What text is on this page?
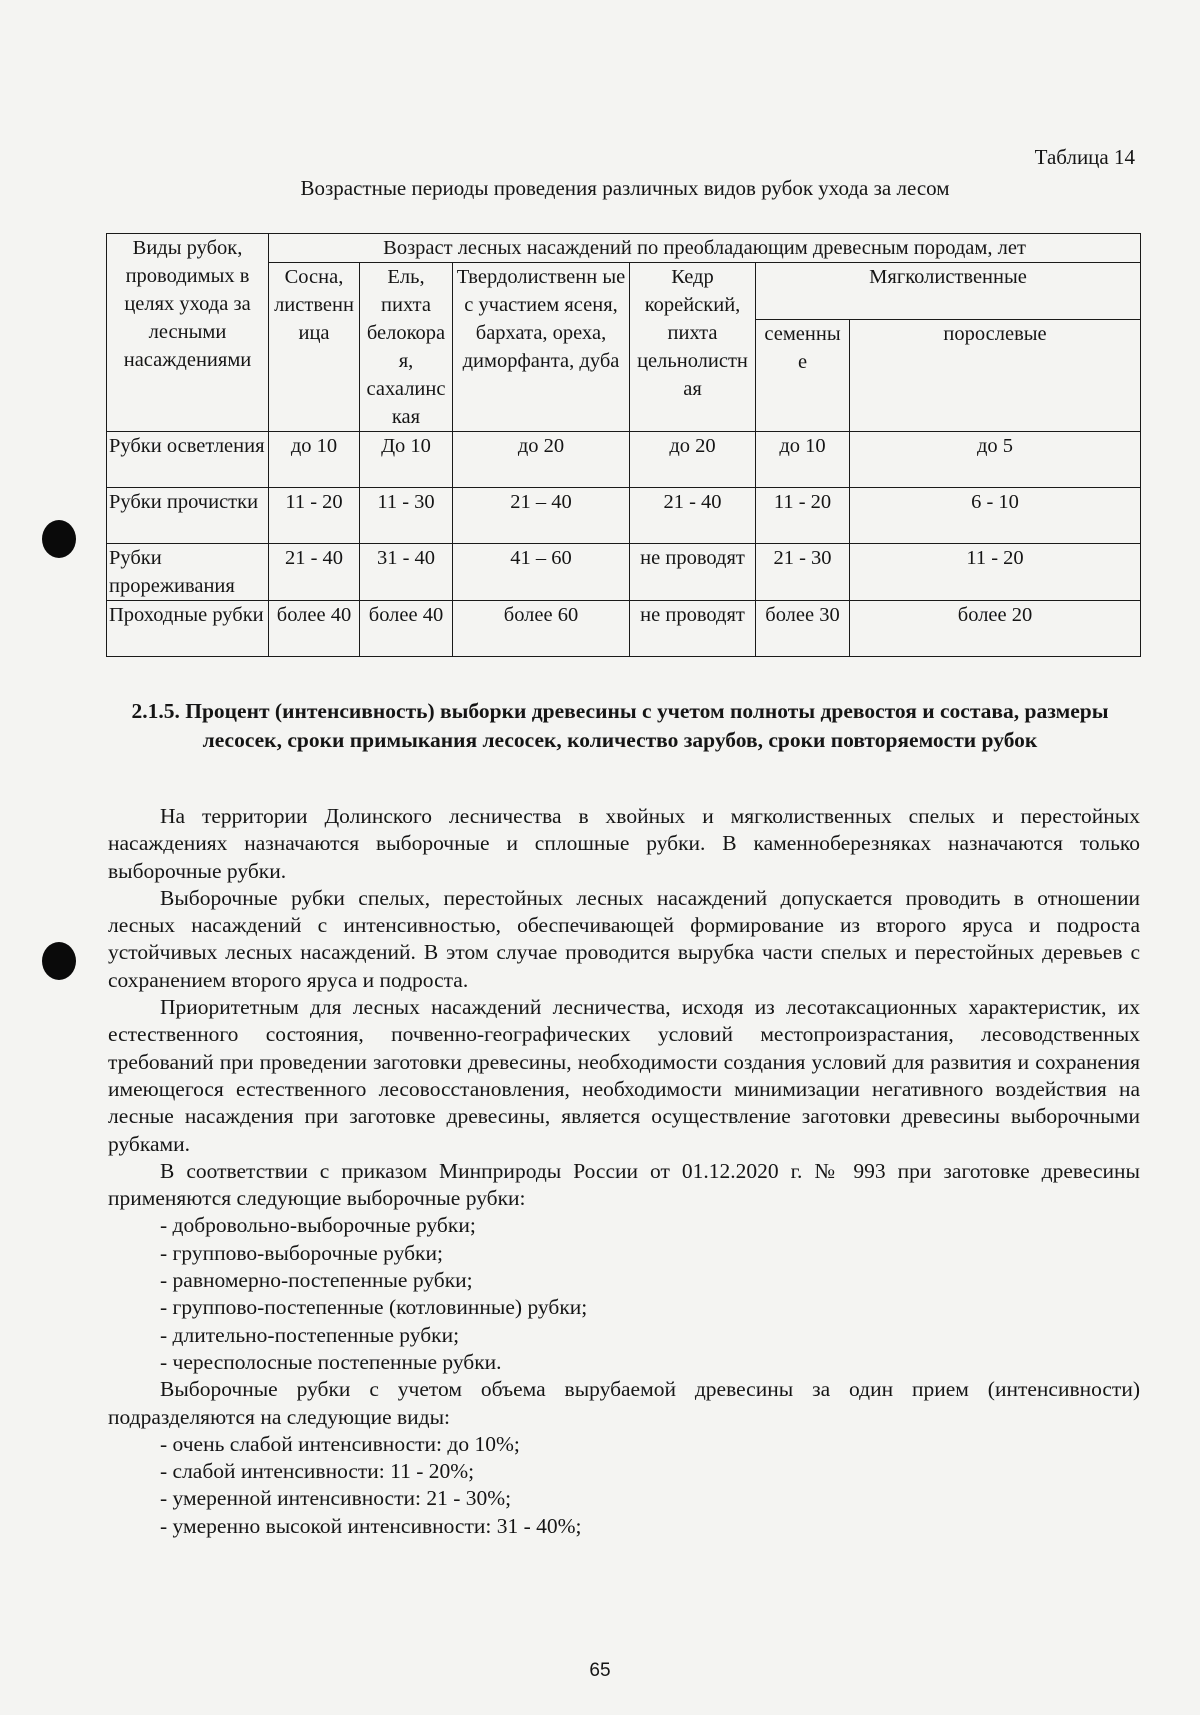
Таблица 14
Возрастные периоды проведения различных видов рубок ухода за лесом
Виды рубок, проводимых в целях ухода за лесными насаждениями	Возраст лесных насаждений по преобладающим древесным породам, лет					
	Сосна, лиственн ица	Ель, пихта белокора я, сахалинс кая	Твердолиственн ые с участием ясеня, бархата, ореха, диморфанта, дуба	Кедр корейский, пихта цельнолистн ая	Мягколиственные	
					семенны е	порослевые
Рубки осветления	до 10	До 10	до 20	до 20	до 10	до 5
Рубки прочистки	11 - 20	11 - 30	21 – 40	21 - 40	11 - 20	6 - 10
Рубки прореживания	21 - 40	31 - 40	41 – 60	не проводят	21 - 30	11 - 20
Проходные рубки	более 40	более 40	более 60	не проводят	более 30	более 20
2.1.5. Процент (интенсивность) выборки древесины с учетом полноты древостоя и состава, размеры лесосек, сроки примыкания лесосек, количество зарубов, сроки повторяемости рубок

На территории Долинского лесничества в хвойных и мягколиственных спелых и перестойных насаждениях назначаются выборочные и сплошные рубки. В каменноберезняках назначаются только выборочные рубки.

Выборочные рубки спелых, перестойных лесных насаждений допускается проводить в отношении лесных насаждений с интенсивностью, обеспечивающей формирование из второго яруса и подроста устойчивых лесных насаждений. В этом случае проводится вырубка части спелых и перестойных деревьев с сохранением второго яруса и подроста.

Приоритетным для лесных насаждений лесничества, исходя из лесотаксационных характеристик, их естественного состояния, почвенно-географических условий местопроизрастания, лесоводственных требований при проведении заготовки древесины, необходимости создания условий для развития и сохранения имеющегося естественного лесовосстановления, необходимости минимизации негативного воздействия на лесные насаждения при заготовке древесины, является осуществление заготовки древесины выборочными рубками.

В соответствии с приказом Минприроды России от 01.12.2020 г. № 993 при заготовке древесины применяются следующие выборочные рубки:

- добровольно-выборочные рубки;
- группово-выборочные рубки;
- равномерно-постепенные рубки;
- группово-постепенные (котловинные) рубки;
- длительно-постепенные рубки;
- чересполосные постепенные рубки.

Выборочные рубки с учетом объема вырубаемой древесины за один прием (интенсивности) подразделяются на следующие виды:

- очень слабой интенсивности: до 10%;
- слабой интенсивности: 11 - 20%;
- умеренной интенсивности: 21 - 30%;
- умеренно высокой интенсивности: 31 - 40%;
65
